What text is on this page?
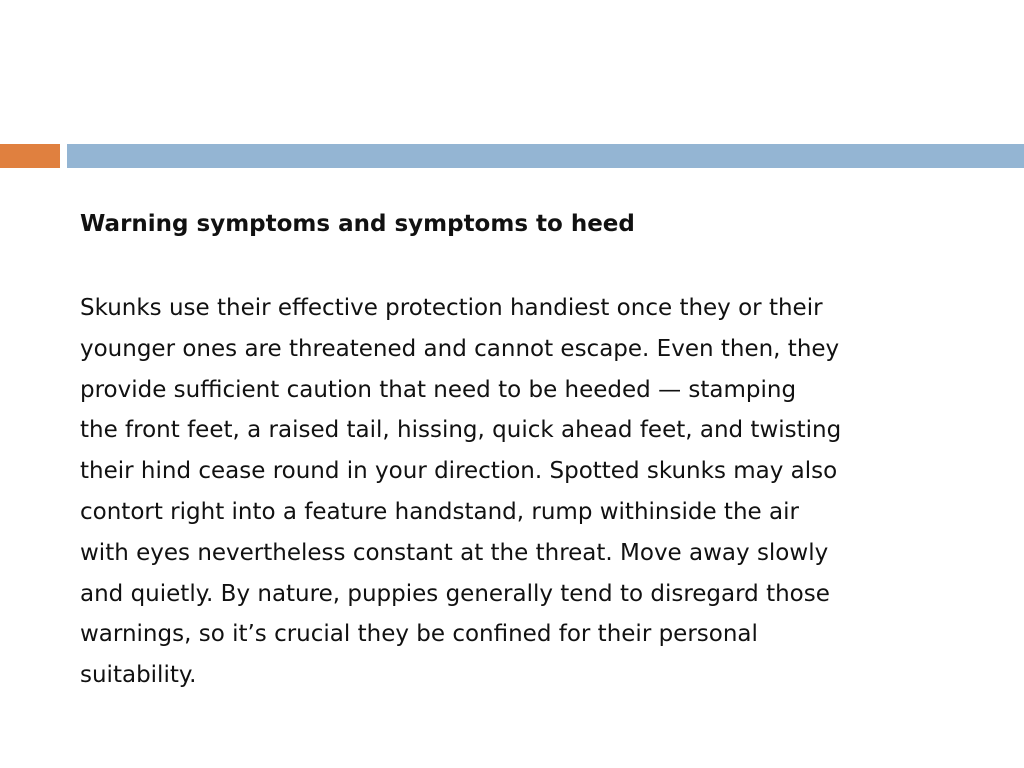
Warning symptoms and symptoms to heed

Skunks use their effective protection handiest once they or their
younger ones are threatened and cannot escape. Even then, they
provide sufficient caution that need to be heeded — stamping
the front feet, a raised tail, hissing, quick ahead feet, and twisting
their hind cease round in your direction. Spotted skunks may also
contort right into a feature handstand, rump withinside the air
with eyes nevertheless constant at the threat. Move away slowly
and quietly. By nature, puppies generally tend to disregard those
warnings, so it’s crucial they be confined for their personal
suitability.
